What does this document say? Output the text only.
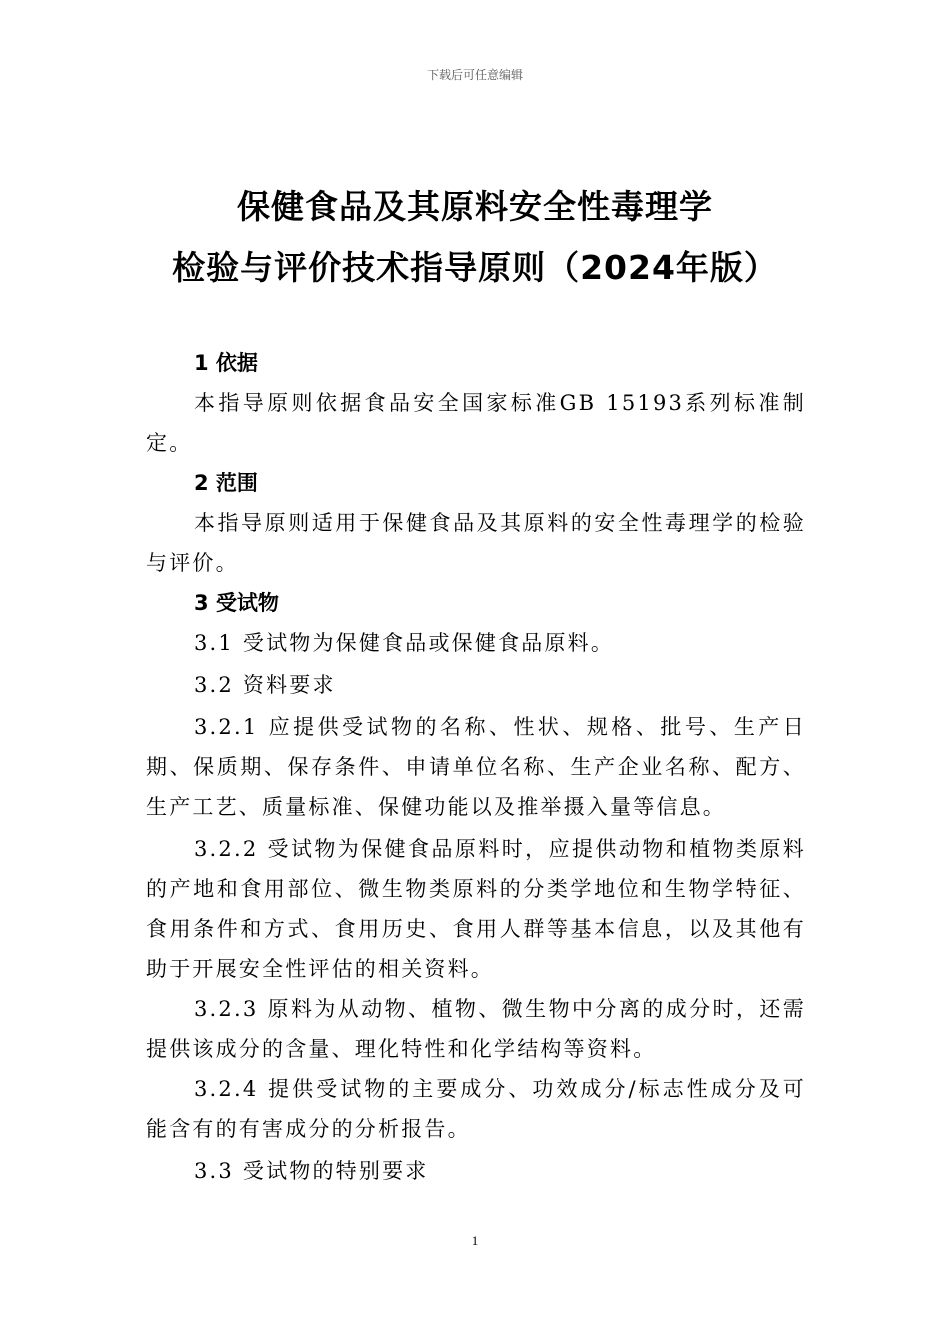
下载后可任意编辑
保健食品及其原料安全性毒理学
检验与评价技术指导原则（2024年版）
1 依据
本指导原则依据食品安全国家标准GB 15193系列标准制定。
2 范围
本指导原则适用于保健食品及其原料的安全性毒理学的检验与评价。
3 受试物
3.1 受试物为保健食品或保健食品原料。
3.2 资料要求
3.2.1 应提供受试物的名称、性状、规格、批号、生产日期、保质期、保存条件、申请单位名称、生产企业名称、配方、生产工艺、质量标准、保健功能以及推举摄入量等信息。
3.2.2 受试物为保健食品原料时，应提供动物和植物类原料的产地和食用部位、微生物类原料的分类学地位和生物学特征、食用条件和方式、食用历史、食用人群等基本信息，以及其他有助于开展安全性评估的相关资料。
3.2.3 原料为从动物、植物、微生物中分离的成分时，还需提供该成分的含量、理化特性和化学结构等资料。
3.2.4 提供受试物的主要成分、功效成分/标志性成分及可能含有的有害成分的分析报告。
3.3 受试物的特别要求
1
